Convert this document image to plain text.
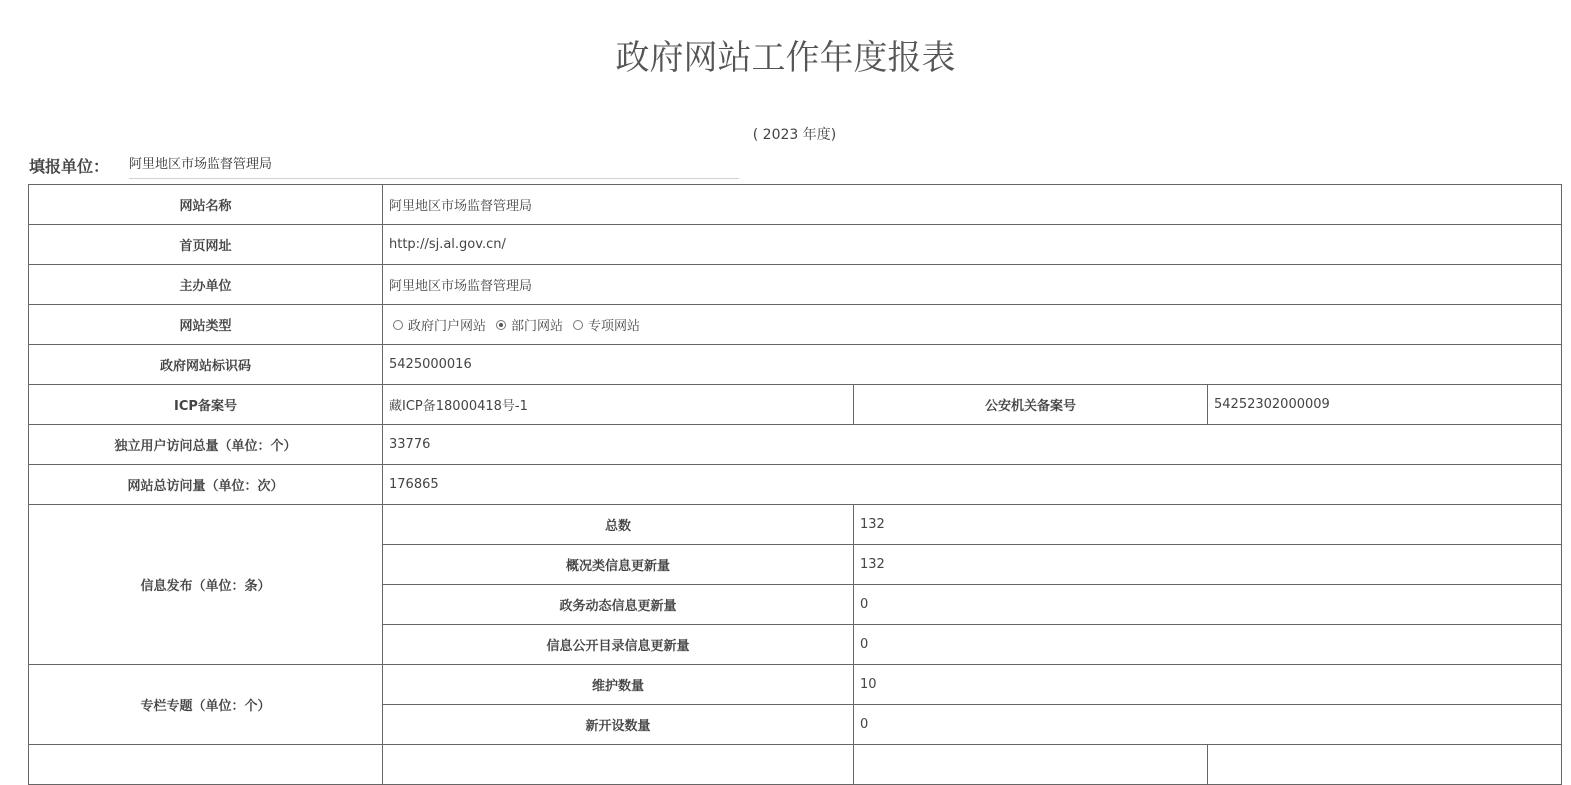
政府网站工作年度报表
( 2023 年度)
填报单位：	阿里地区市场监督管理局
网站名称	阿里地区市场监督管理局		
首页网址	http://sj.al.gov.cn/		
主办单位	阿里地区市场监督管理局		
网站类型	政府门户网站 部门网站 专项网站		

政府网站标识码	5425000016		
ICP备案号	藏ICP备18000418号-1	公安机关备案号	54252302000009
独立用户访问总量（单位：个）	33776		
网站总访问量（单位：次）	176865		
信息发布（单位：条）	总数	132	
	概况类信息更新量	132	
	政务动态信息更新量	0	
	信息公开目录信息更新量	0	
专栏专题（单位：个）	维护数量	10	
	新开设数量	0	
